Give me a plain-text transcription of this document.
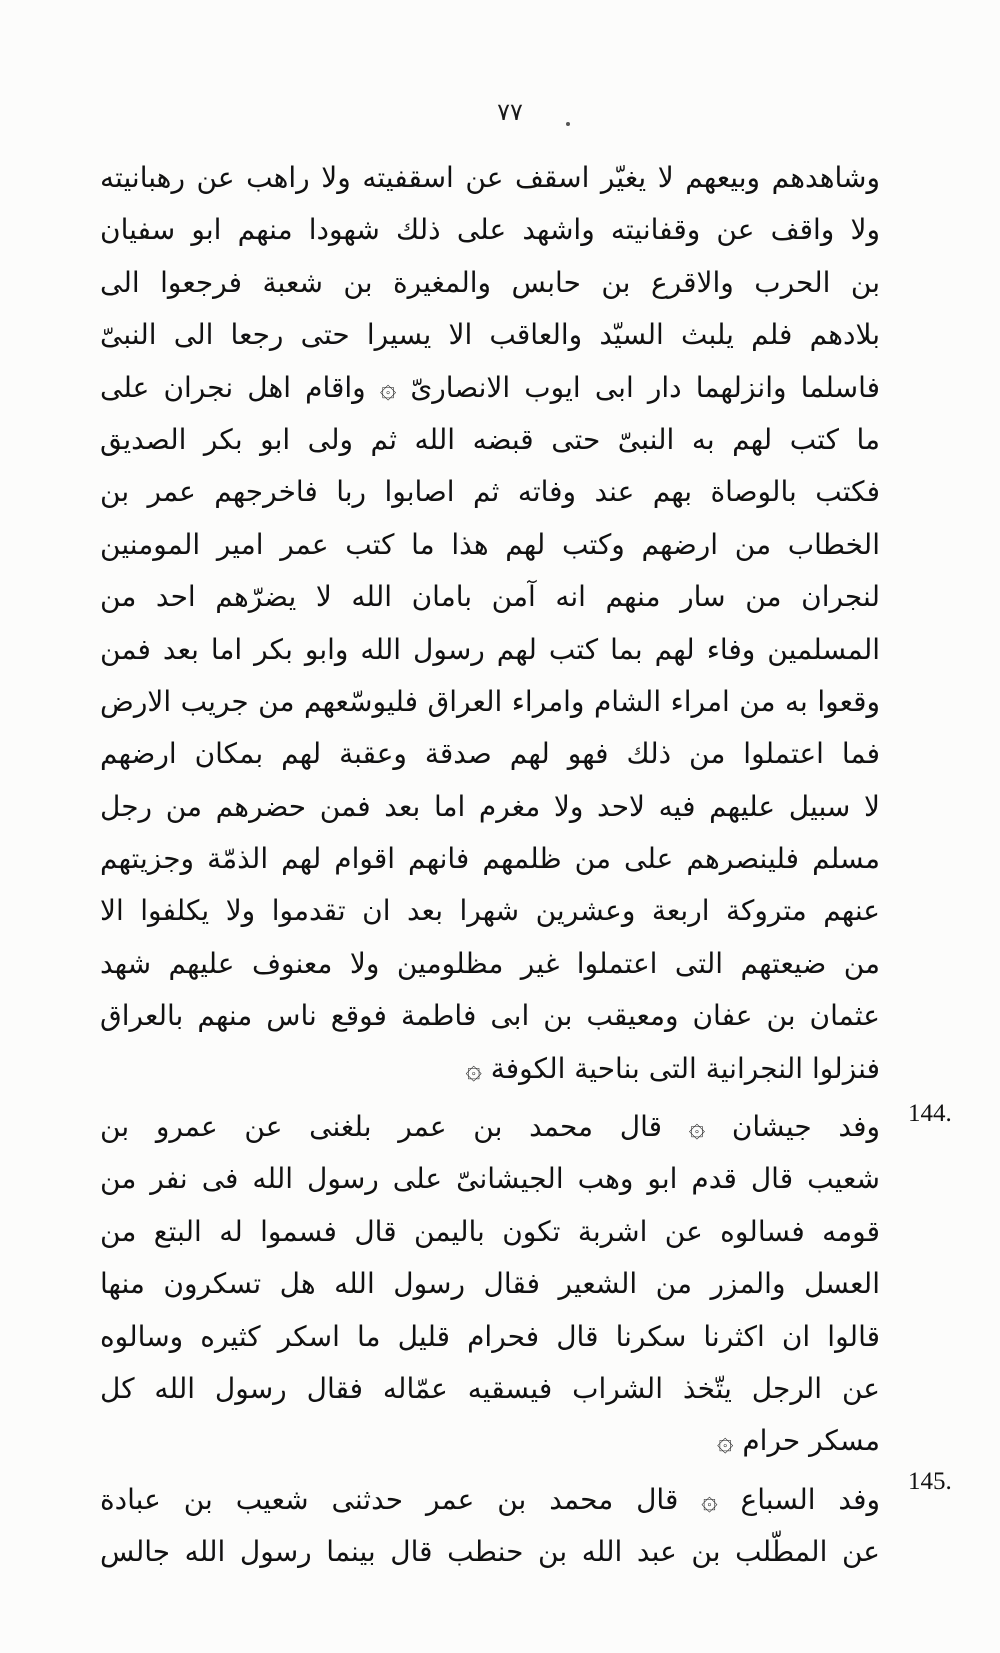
٧٧
وشاهدهم وبيعهم لا يغيّر اسقف عن اسقفيته ولا راهب عن رهبانيته
ولا واقف عن وقفانيته واشهد على ذلك شهودا منهم ابو سفيان
بن الحرب والاقرع بن حابس والمغيرة بن شعبة فرجعوا الى
بلادهم فلم يلبث السيّد والعاقب الا يسيرا حتى رجعا الى النبىّ
فاسلما وانزلهما دار ابى ايوب الانصارىّ ۞ واقام اهل نجران على
ما كتب لهم به النبىّ حتى قبضه الله ثم ولى ابو بكر الصديق
فكتب بالوصاة بهم عند وفاته ثم اصابوا ربا فاخرجهم عمر بن
الخطاب من ارضهم وكتب لهم هذا ما كتب عمر امير المومنين
لنجران من سار منهم انه آمن بامان الله لا يضرّهم احد من
المسلمين وفاء لهم بما كتب لهم رسول الله وابو بكر اما بعد فمن
وقعوا به من امراء الشام وامراء العراق فليوسّعهم من جريب الارض
فما اعتملوا من ذلك فهو لهم صدقة وعقبة لهم بمكان ارضهم
لا سبيل عليهم فيه لاحد ولا مغرم اما بعد فمن حضرهم من رجل
مسلم فلينصرهم على من ظلمهم فانهم اقوام لهم الذمّة وجزيتهم
عنهم متروكة اربعة وعشرين شهرا بعد ان تقدموا ولا يكلفوا الا
من ضيعتهم التى اعتملوا غير مظلومين ولا معنوف عليهم شهد
عثمان بن عفان ومعيقب بن ابى فاطمة فوقع ناس منهم بالعراق
فنزلوا النجرانية التى بناحية الكوفة ۞
وفد جيشان ۞ قال محمد بن عمر بلغنى عن عمرو بن
شعيب قال قدم ابو وهب الجيشانىّ على رسول الله فى نفر من
قومه فسالوه عن اشربة تكون باليمن قال فسموا له البتع من
العسل والمزر من الشعير فقال رسول الله هل تسكرون منها
قالوا ان اكثرنا سكرنا قال فحرام قليل ما اسكر كثيره وسالوه
عن الرجل يتّخذ الشراب فيسقيه عمّاله فقال رسول الله كل
مسكر حرام ۞
وفد السباع ۞ قال محمد بن عمر حدثنى شعيب بن عبادة
عن المطّلب بن عبد الله بن حنطب قال بينما رسول الله جالس
144.
145.
